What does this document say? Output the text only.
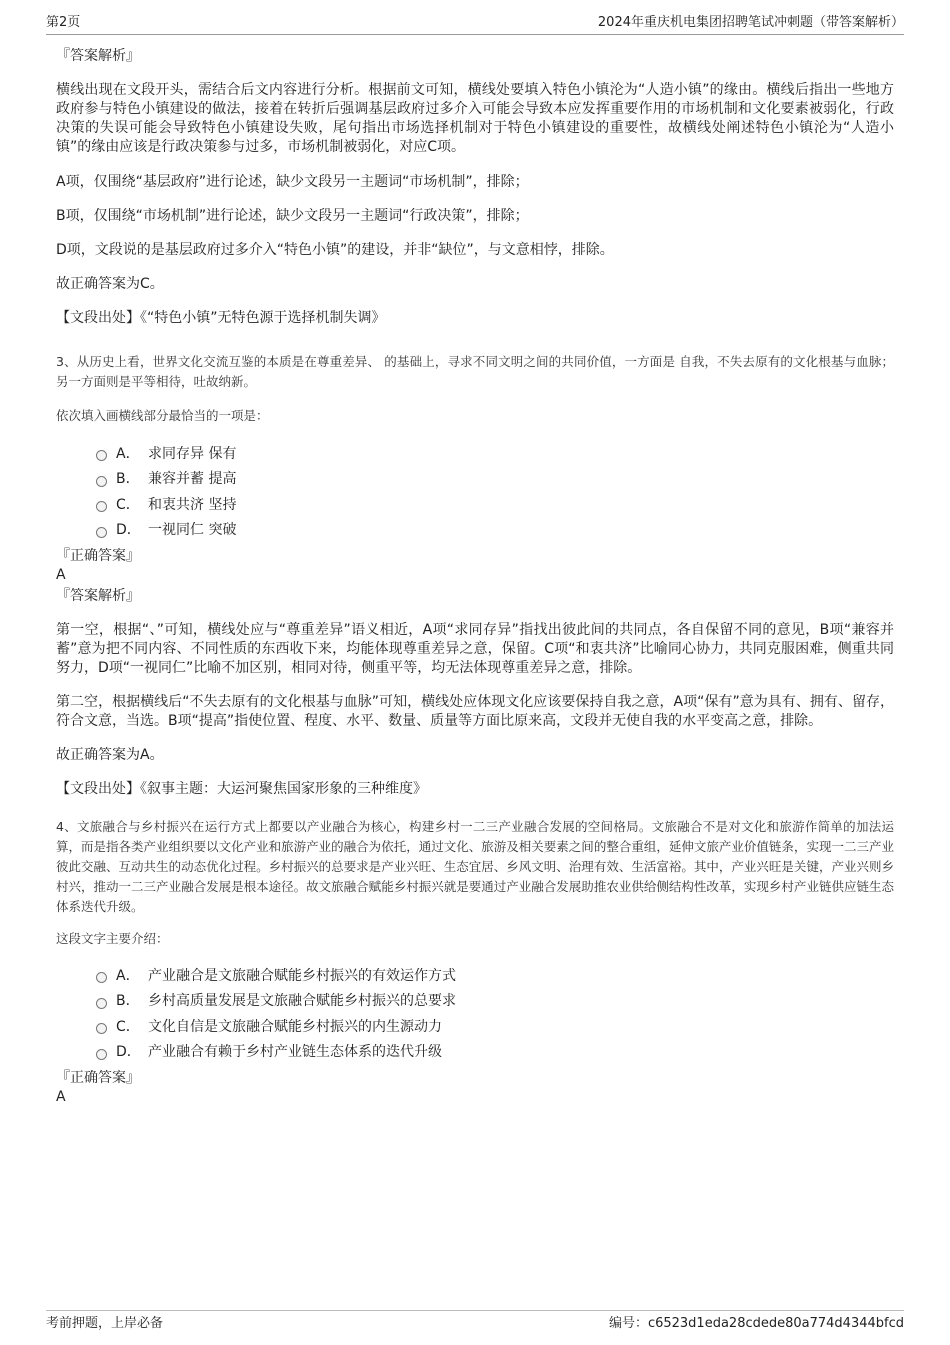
第2页	2024年重庆机电集团招聘笔试冲刺题（带答案解析）
『答案解析』

横线出现在文段开头，需结合后文内容进行分析。根据前文可知，横线处要填入特色小镇沦为“人造小镇”的缘由。横线后指出一些地方政府参与特色小镇建设的做法，接着在转折后强调基层政府过多介入可能会导致本应发挥重要作用的市场机制和文化要素被弱化，行政决策的失误可能会导致特色小镇建设失败，尾句指出市场选择机制对于特色小镇建设的重要性，故横线处阐述特色小镇沦为“人造小镇”的缘由应该是行政决策参与过多，市场机制被弱化，对应C项。

A项，仅围绕“基层政府”进行论述，缺少文段另一主题词“市场机制”，排除；

B项，仅围绕“市场机制”进行论述，缺少文段另一主题词“行政决策”，排除；

D项，文段说的是基层政府过多介入“特色小镇”的建设，并非“缺位”，与文意相悖，排除。

故正确答案为C。

【文段出处】《“特色小镇”无特色源于选择机制失调》

3、从历史上看，世界文化交流互鉴的本质是在尊重差异、 的基础上，寻求不同文明之间的共同价值，一方面是 自我，不失去原有的文化根基与血脉；另一方面则是平等相待，吐故纳新。

依次填入画横线部分最恰当的一项是：
A． 求同存异 保有
B． 兼容并蓄 提高
C． 和衷共济 坚持
D． 一视同仁 突破
『正确答案』
A
『答案解析』

第一空，根据“、”可知，横线处应与“尊重差异”语义相近，A项“求同存异”指找出彼此间的共同点，各自保留不同的意见，B项“兼容并蓄”意为把不同内容、不同性质的东西收下来，均能体现尊重差异之意，保留。C项“和衷共济”比喻同心协力，共同克服困难，侧重共同努力，D项“一视同仁”比喻不加区别，相同对待，侧重平等，均无法体现尊重差异之意，排除。

第二空，根据横线后“不失去原有的文化根基与血脉”可知，横线处应体现文化应该要保持自我之意，A项“保有”意为具有、拥有、留存，符合文意，当选。B项“提高”指使位置、程度、水平、数量、质量等方面比原来高，文段并无使自我的水平变高之意，排除。

故正确答案为A。

【文段出处】《叙事主题：大运河聚焦国家形象的三种维度》

4、文旅融合与乡村振兴在运行方式上都要以产业融合为核心，构建乡村一二三产业融合发展的空间格局。文旅融合不是对文化和旅游作简单的加法运算，而是指各类产业组织要以文化产业和旅游产业的融合为依托，通过文化、旅游及相关要素之间的整合重组，延伸文旅产业价值链条，实现一二三产业彼此交融、互动共生的动态优化过程。乡村振兴的总要求是产业兴旺、生态宜居、乡风文明、治理有效、生活富裕。其中，产业兴旺是关键，产业兴则乡村兴，推动一二三产业融合发展是根本途径。故文旅融合赋能乡村振兴就是要通过产业融合发展助推农业供给侧结构性改革，实现乡村产业链供应链生态体系迭代升级。

这段文字主要介绍：
A． 产业融合是文旅融合赋能乡村振兴的有效运作方式
B． 乡村高质量发展是文旅融合赋能乡村振兴的总要求
C． 文化自信是文旅融合赋能乡村振兴的内生源动力
D． 产业融合有赖于乡村产业链生态体系的迭代升级
『正确答案』
A
考前押题，上岸必备	编号：c6523d1eda28cdede80a774d4344bfcd
